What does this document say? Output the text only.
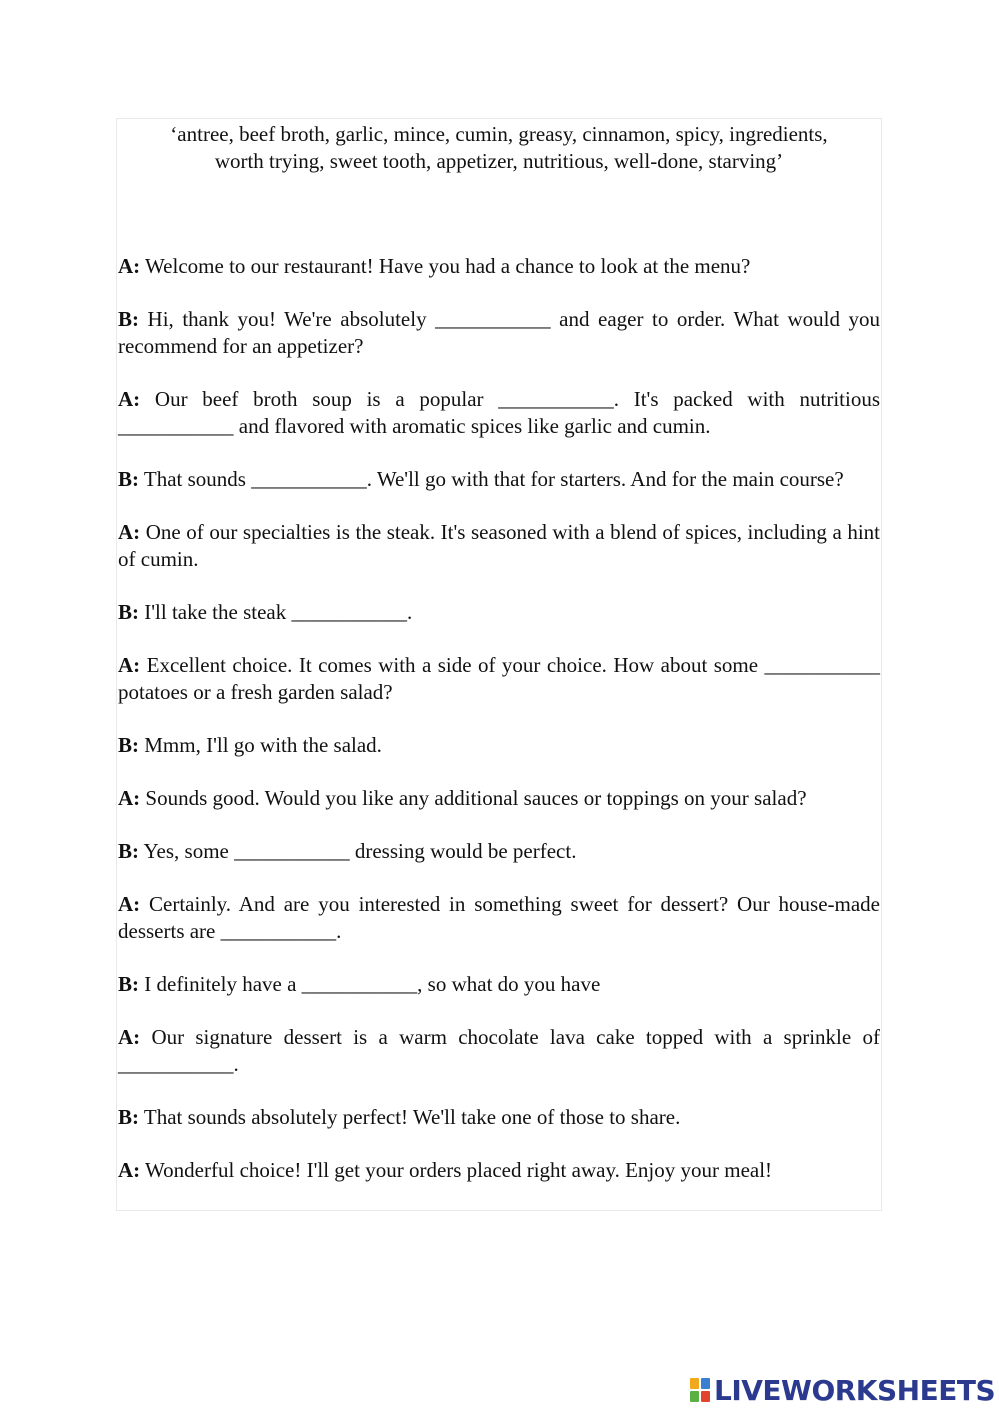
‘antree, beef broth, garlic, mince, cumin, greasy, cinnamon, spicy, ingredients,
worth trying, sweet tooth, appetizer, nutritious, well-done, starving’

A: Welcome to our restaurant! Have you had a chance to look at the menu?

B: Hi, thank you! We're absolutely ___________ and eager to order. What would you recommend for an appetizer?

A: Our beef broth soup is a popular ___________. It's packed with nutritious ___________ and flavored with aromatic spices like garlic and cumin.

B: That sounds ___________. We'll go with that for starters. And for the main course?

A: One of our specialties is the steak. It's seasoned with a blend of spices, including a hint of cumin.

B: I'll take the steak ___________.

A: Excellent choice. It comes with a side of your choice. How about some ___________ potatoes or a fresh garden salad?

B: Mmm, I'll go with the salad.

A: Sounds good. Would you like any additional sauces or toppings on your salad?

B: Yes, some ___________ dressing would be perfect.

A: Certainly. And are you interested in something sweet for dessert? Our house-made desserts are ___________.

B: I definitely have a ___________, so what do you have

A: Our signature dessert is a warm chocolate lava cake topped with a sprinkle of ___________.

B: That sounds absolutely perfect! We'll take one of those to share.

A: Wonderful choice! I'll get your orders placed right away. Enjoy your meal!

LIVEWORKSHEETS
